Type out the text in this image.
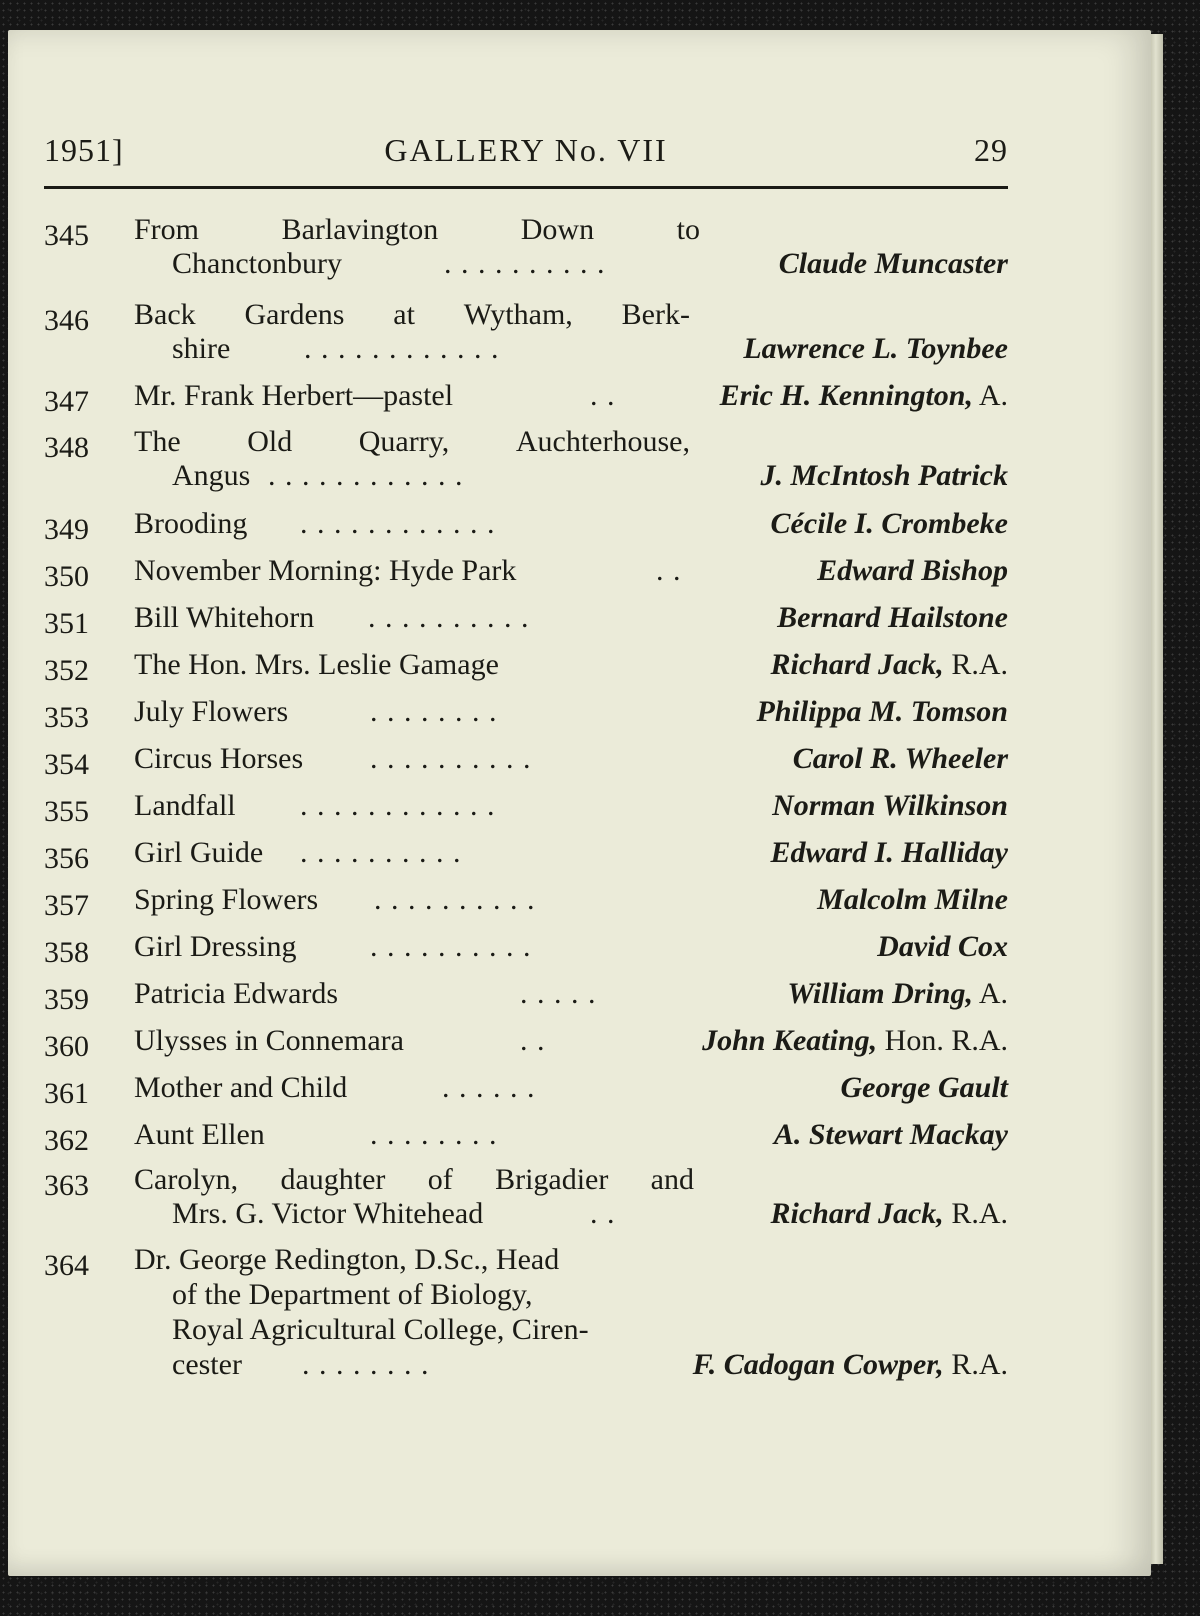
1951]	GALLERY No. VII	29
345	From	Barlavington	Down	to
Chanctonbury	. . . . . . . . . .	Claude Muncaster
346	Back Gardens at Wytham, Berk-
shire . . . . . . . . . . . .	Lawrence L. Toynbee
347	Mr. Frank Herbert—pastel	. .	Eric H. Kennington, A.
348	The Old Quarry, Auchterhouse,
Angus . . . . . . . . . . . .	J. McIntosh Patrick
349	Brooding . . . . . . . . . . . .	Cécile I. Crombeke
350	November Morning: Hyde Park	. .	Edward Bishop
351	Bill Whitehorn . . . . . . . . . .	Bernard Hailstone
352	The Hon. Mrs. Leslie Gamage	Richard Jack, R.A.
353	July Flowers	. . . . . . . .	Philippa M. Tomson
354	Circus Horses . . . . . . . . . .	Carol R. Wheeler
355	Landfall . . . . . . . . . . . .	Norman Wilkinson
356	Girl Guide . . . . . . . . . .	Edward I. Halliday
357	Spring Flowers . . . . . . . . . .	Malcolm Milne
358	Girl Dressing . . . . . . . . . .	David Cox
359	Patricia Edwards	. . . . .	William Dring, A.
360	Ulysses in Connemara	. .	John Keating, Hon. R.A.
361	Mother and Child	. . . . . .	George Gault
362	Aunt Ellen	. . . . . . . .	A. Stewart Mackay
363	Carolyn, daughter of Brigadier and
Mrs. G. Victor Whitehead	. .	Richard Jack, R.A.
364	Dr. George Redington, D.Sc., Head
of the Department of Biology,
Royal Agricultural College, Ciren-
cester . . . . . . . .	F. Cadogan Cowper, R.A.
